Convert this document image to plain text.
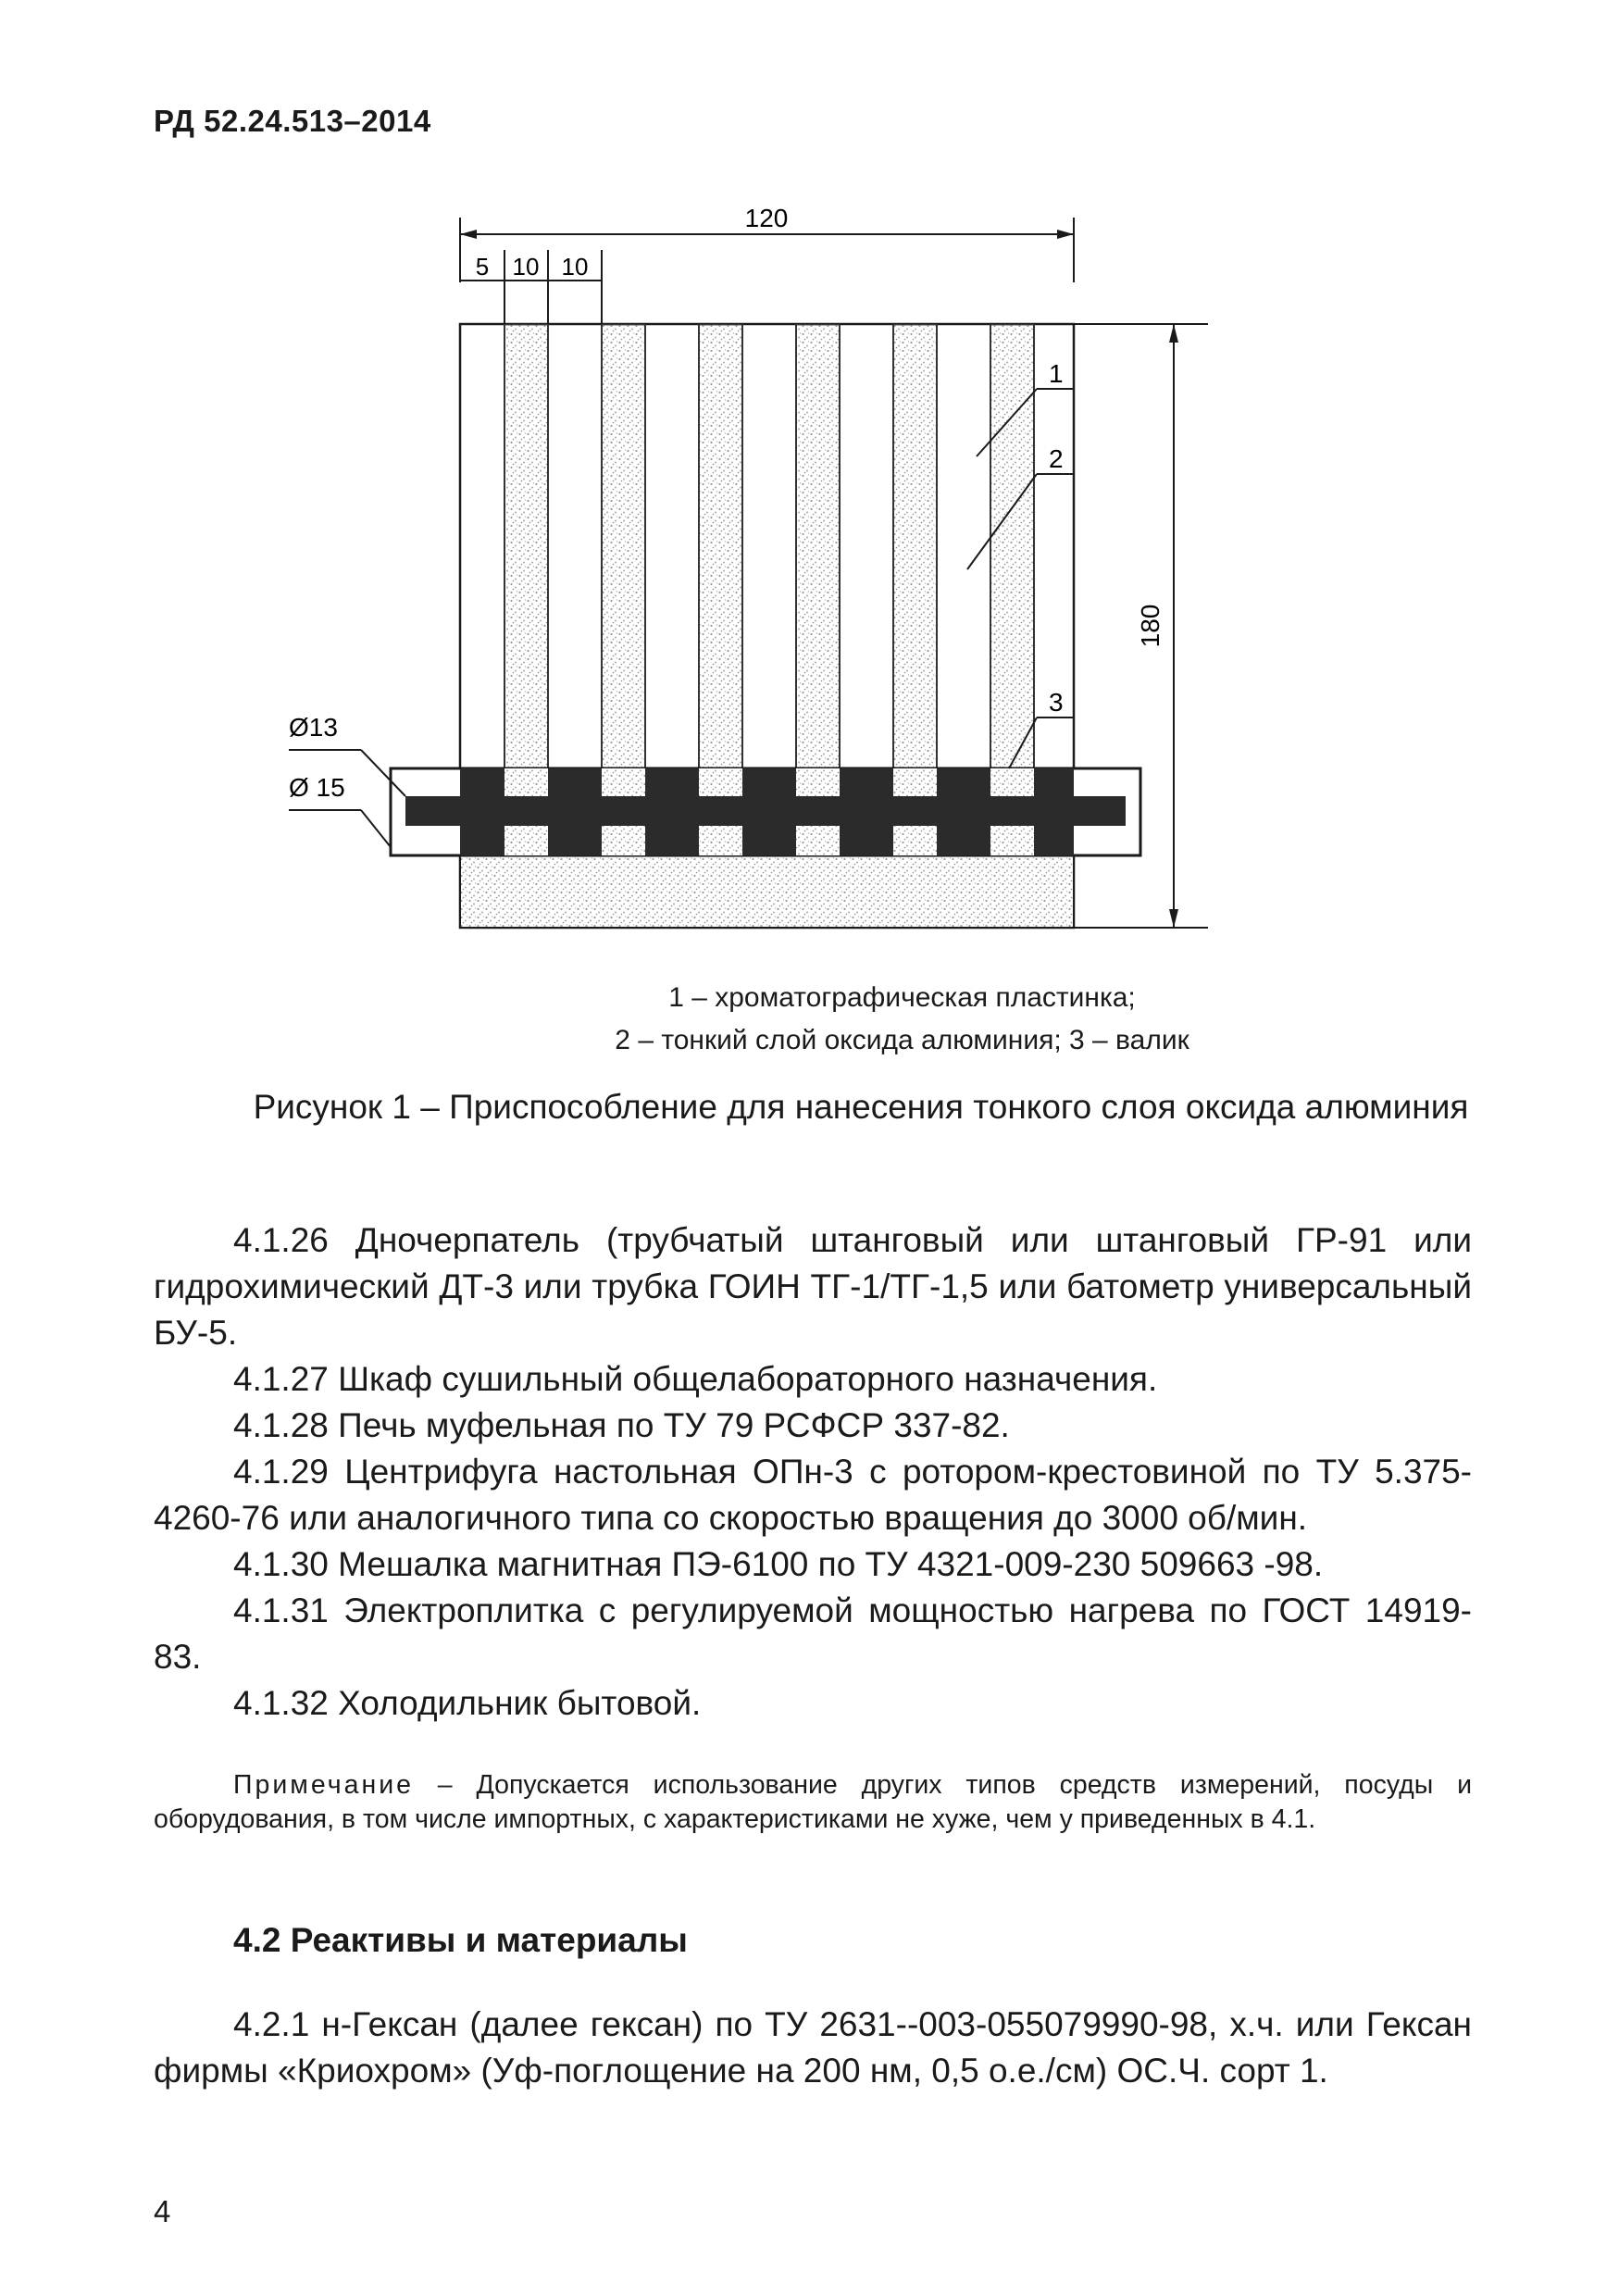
РД 52.24.513–2014
120
5 10 10
180
1
2
3
Ø13
Ø 15
1 – хроматографическая пластинка;
2 – тонкий слой оксида алюминия; 3 – валик
Рисунок 1 – Приспособление для нанесения тонкого слоя оксида алюминия

4.1.26 Дночерпатель (трубчатый штанговый или штанговый ГР-91 или гидрохимический ДТ-3 или трубка ГОИН ТГ-1/ТГ-1,5 или батометр универсальный БУ-5.

4.1.27 Шкаф сушильный общелабораторного назначения.

4.1.28 Печь муфельная по ТУ 79 РСФСР 337-82.

4.1.29 Центрифуга настольная ОПн-3 с ротором-крестовиной по ТУ 5.375-4260-76 или аналогичного типа со скоростью вращения до 3000 об/мин.

4.1.30 Мешалка магнитная ПЭ-6100 по ТУ 4321-009-230 509663 -98.

4.1.31 Электроплитка с регулируемой мощностью нагрева по ГОСТ 14919-83.

4.1.32 Холодильник бытовой.

Примечание – Допускается использование других типов средств измерений, посуды и оборудования, в том числе импортных, с характеристиками не хуже, чем у приведенных в 4.1.

4.2 Реактивы и материалы

4.2.1 н-Гексан (далее гексан) по ТУ 2631--003-055079990-98, х.ч. или Гексан фирмы «Криохром» (Уф-поглощение на 200 нм, 0,5 о.е./см) ОС.Ч. сорт 1.

4
